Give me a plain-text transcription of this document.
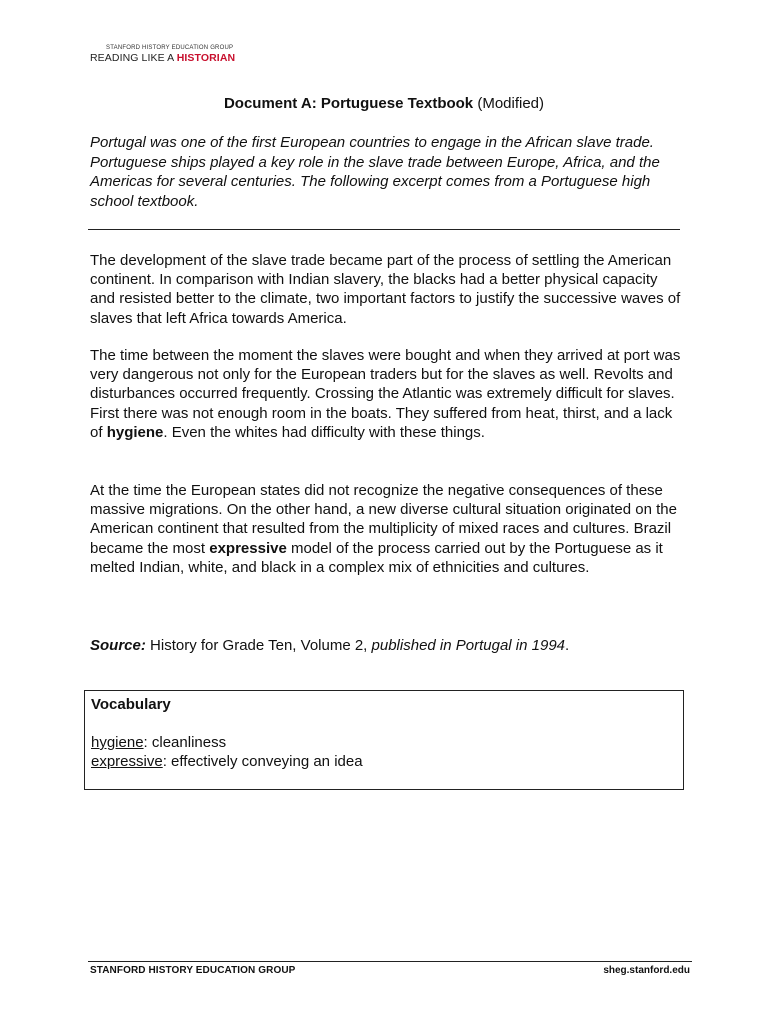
STANFORD HISTORY EDUCATION GROUP
READING LIKE A HISTORIAN
Document A: Portuguese Textbook (Modified)
Portugal was one of the first European countries to engage in the African slave trade. Portuguese ships played a key role in the slave trade between Europe, Africa, and the Americas for several centuries. The following excerpt comes from a Portuguese high school textbook.
The development of the slave trade became part of the process of settling the American continent. In comparison with Indian slavery, the blacks had a better physical capacity and resisted better to the climate, two important factors to justify the successive waves of slaves that left Africa towards America.
The time between the moment the slaves were bought and when they arrived at port was very dangerous not only for the European traders but for the slaves as well. Revolts and disturbances occurred frequently. Crossing the Atlantic was extremely difficult for slaves. First there was not enough room in the boats. They suffered from heat, thirst, and a lack of hygiene. Even the whites had difficulty with these things.
At the time the European states did not recognize the negative consequences of these massive migrations. On the other hand, a new diverse cultural situation originated on the American continent that resulted from the multiplicity of mixed races and cultures. Brazil became the most expressive model of the process carried out by the Portuguese as it melted Indian, white, and black in a complex mix of ethnicities and cultures.
Source: History for Grade Ten, Volume 2, published in Portugal in 1994.
Vocabulary
hygiene: cleanliness
expressive: effectively conveying an idea
STANFORD HISTORY EDUCATION GROUP	sheg.stanford.edu
